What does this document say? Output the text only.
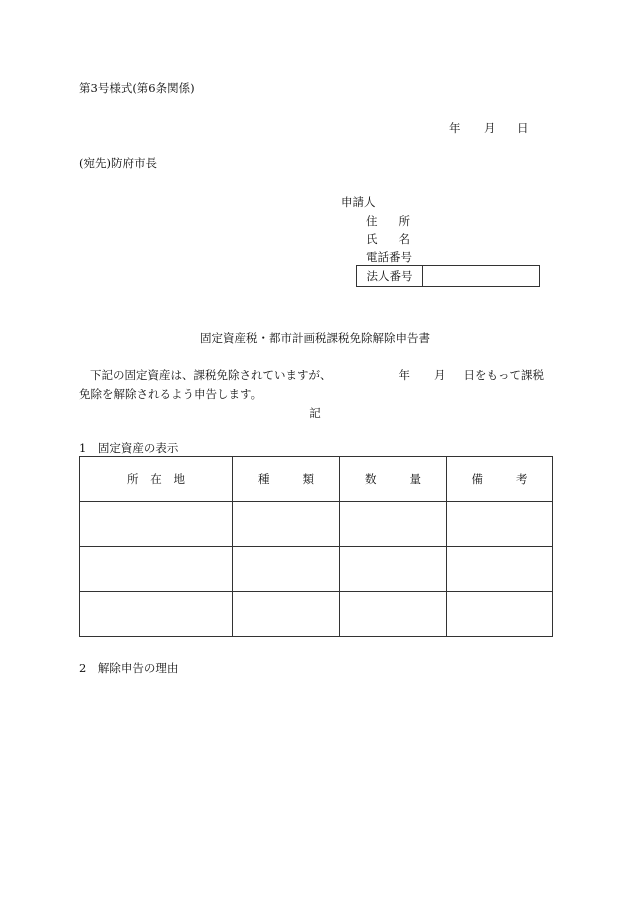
第3号様式(第6条関係)
年 月 日
(宛先)防府市長
申請人
住 所
氏 名
電話番号
法人番号
固定資産税・都市計画税課税免除解除申告書
下記の固定資産は、課税免除されていますが、	年 月 日をもって課税
免除を解除されるよう申告します。
記
1　固定資産の表示
所 在 地	種 類	数 量	備 考

2　解除申告の理由
